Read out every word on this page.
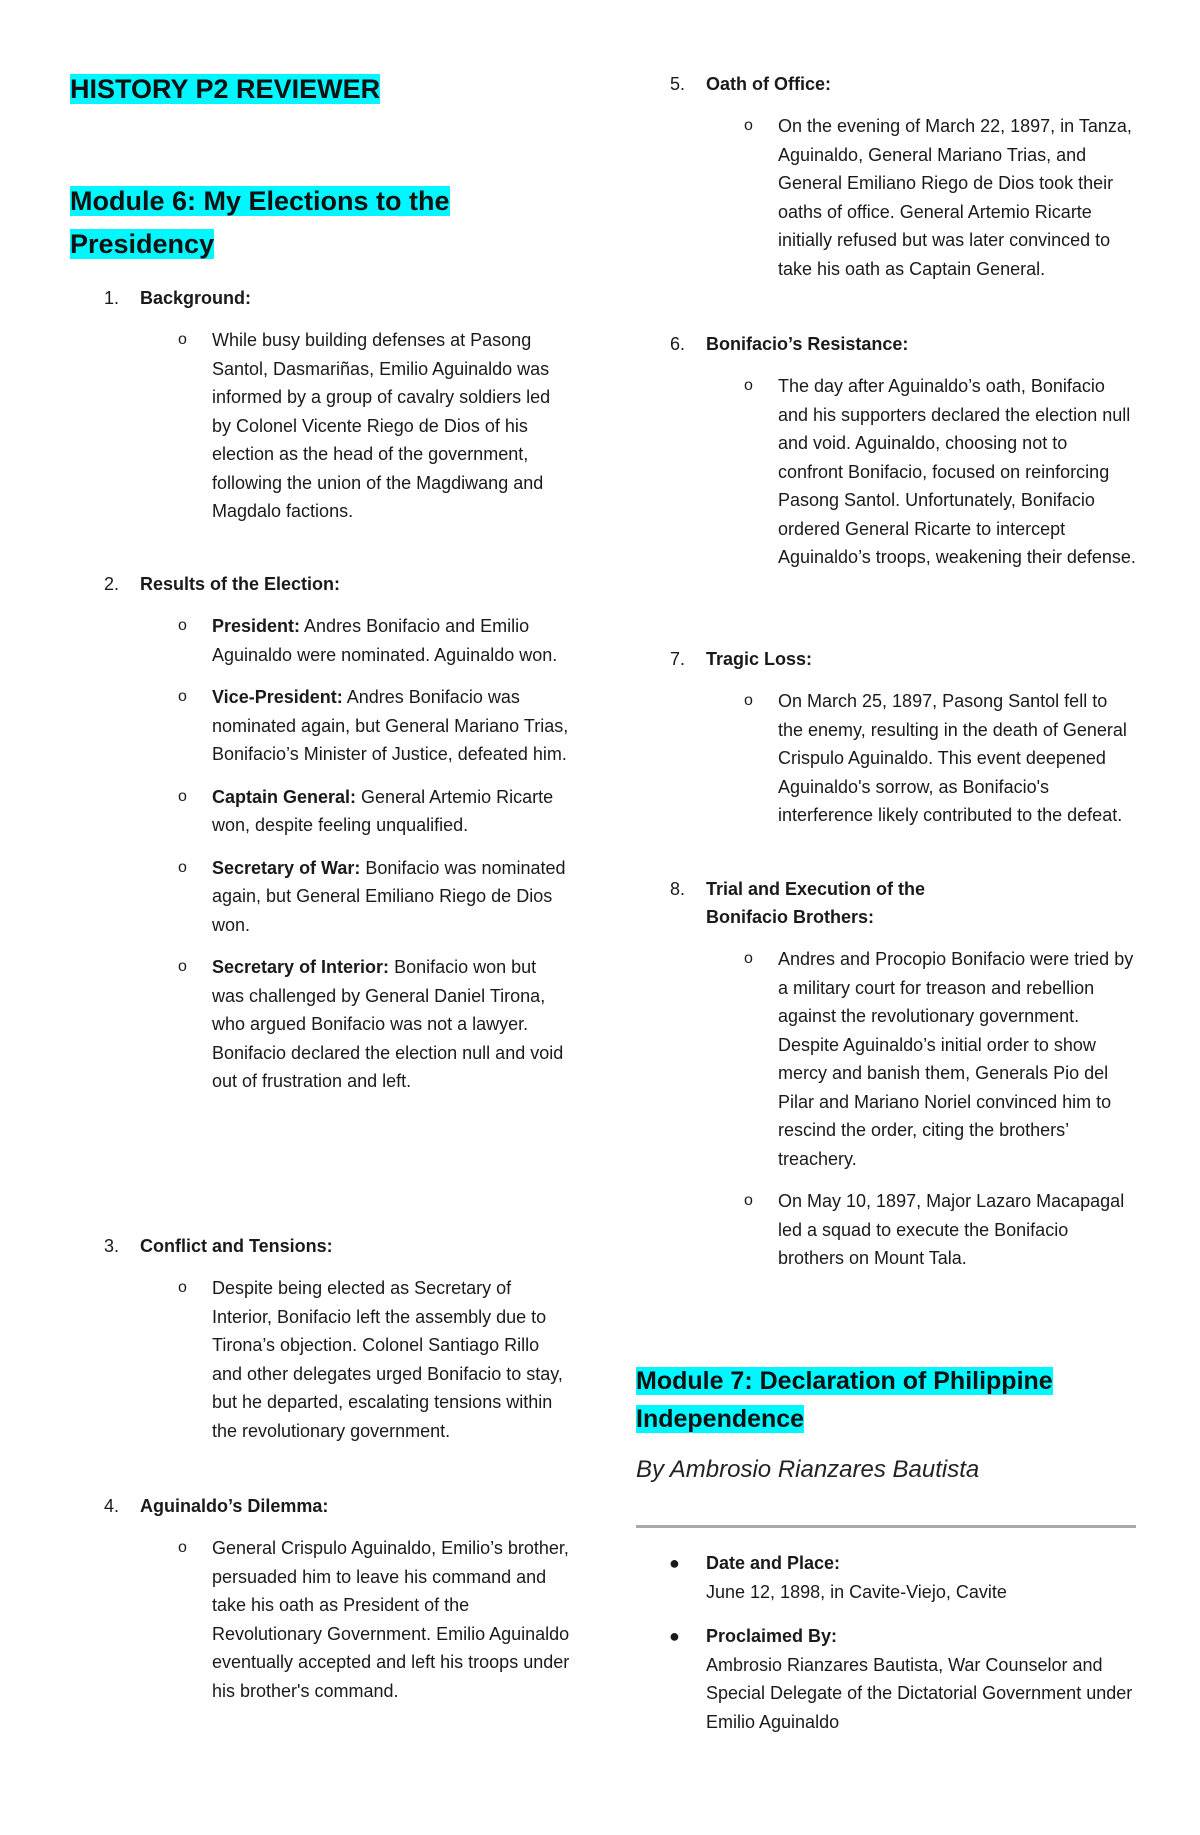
HISTORY P2 REVIEWER
Module 6: My Elections to the
Presidency
1. Background:
o While busy building defenses at Pasong Santol, Dasmariñas, Emilio Aguinaldo was informed by a group of cavalry soldiers led by Colonel Vicente Riego de Dios of his election as the head of the government, following the union of the Magdiwang and Magdalo factions.
2. Results of the Election:
o President: Andres Bonifacio and Emilio Aguinaldo were nominated. Aguinaldo won.
o Vice-President: Andres Bonifacio was nominated again, but General Mariano Trias, Bonifacio’s Minister of Justice, defeated him.
o Captain General: General Artemio Ricarte won, despite feeling unqualified.
o Secretary of War: Bonifacio was nominated again, but General Emiliano Riego de Dios won.
o Secretary of Interior: Bonifacio won but was challenged by General Daniel Tirona, who argued Bonifacio was not a lawyer. Bonifacio declared the election null and void out of frustration and left.
3. Conflict and Tensions:
o Despite being elected as Secretary of Interior, Bonifacio left the assembly due to Tirona’s objection. Colonel Santiago Rillo and other delegates urged Bonifacio to stay, but he departed, escalating tensions within the revolutionary government.
4. Aguinaldo’s Dilemma:
o General Crispulo Aguinaldo, Emilio’s brother, persuaded him to leave his command and take his oath as President of the Revolutionary Government. Emilio Aguinaldo eventually accepted and left his troops under his brother's command.
5. Oath of Office:
o On the evening of March 22, 1897, in Tanza, Aguinaldo, General Mariano Trias, and General Emiliano Riego de Dios took their oaths of office. General Artemio Ricarte initially refused but was later convinced to take his oath as Captain General.
6. Bonifacio’s Resistance:
o The day after Aguinaldo’s oath, Bonifacio and his supporters declared the election null and void. Aguinaldo, choosing not to confront Bonifacio, focused on reinforcing Pasong Santol. Unfortunately, Bonifacio ordered General Ricarte to intercept Aguinaldo’s troops, weakening their defense.
7. Tragic Loss:
o On March 25, 1897, Pasong Santol fell to the enemy, resulting in the death of General Crispulo Aguinaldo. This event deepened Aguinaldo's sorrow, as Bonifacio's interference likely contributed to the defeat.
8. Trial and Execution of the Bonifacio Brothers:
o Andres and Procopio Bonifacio were tried by a military court for treason and rebellion against the revolutionary government. Despite Aguinaldo’s initial order to show mercy and banish them, Generals Pio del Pilar and Mariano Noriel convinced him to rescind the order, citing the brothers’ treachery.
o On May 10, 1897, Major Lazaro Macapagal led a squad to execute the Bonifacio brothers on Mount Tala.
Module 7: Declaration of Philippine
Independence
By Ambrosio Rianzares Bautista
● Date and Place:
June 12, 1898, in Cavite-Viejo, Cavite
● Proclaimed By:
Ambrosio Rianzares Bautista, War Counselor and Special Delegate of the Dictatorial Government under Emilio Aguinaldo
